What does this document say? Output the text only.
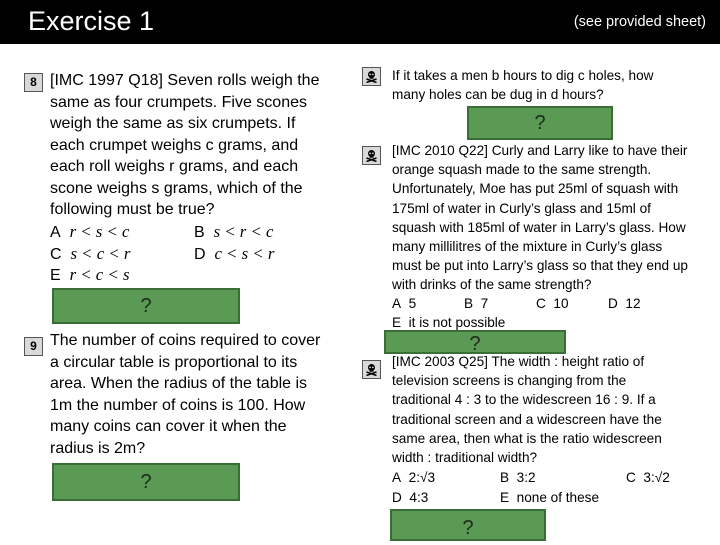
Exercise 1	(see provided sheet)
8 [IMC 1997 Q18] Seven rolls weigh the
same as four crumpets. Five scones
weigh the same as six crumpets. If
each crumpet weighs c grams, and
each roll weighs r grams, and each
scone weighs s grams, which of the
following must be true?
A r < s < c	B s < r < c
C s < c < r	D c < s < r
E r < c < s
?
9 The number of coins required to cover
a circular table is proportional to its
area. When the radius of the table is
1m the number of coins is 100. How
many coins can cover it when the
radius is 2m?
?
If it takes a men b hours to dig c holes, how
many holes can be dug in d hours?
?
[IMC 2010 Q22] Curly and Larry like to have their
orange squash made to the same strength.
Unfortunately, Moe has put 25ml of squash with
175ml of water in Curly’s glass and 15ml of
squash with 185ml of water in Larry’s glass. How
many millilitres of the mixture in Curly’s glass
must be put into Larry’s glass so that they end up
with drinks of the same strength?
A 5	B 7	C 10	D 12
E it is not possible
?
[IMC 2003 Q25] The width : height ratio of
television screens is changing from the
traditional 4 : 3 to the widescreen 16 : 9. If a
traditional screen and a widescreen have the
same area, then what is the ratio widescreen
width : traditional width?
A 2:√3	B 3:2	C 3:√2
D 4:3	E none of these
?
